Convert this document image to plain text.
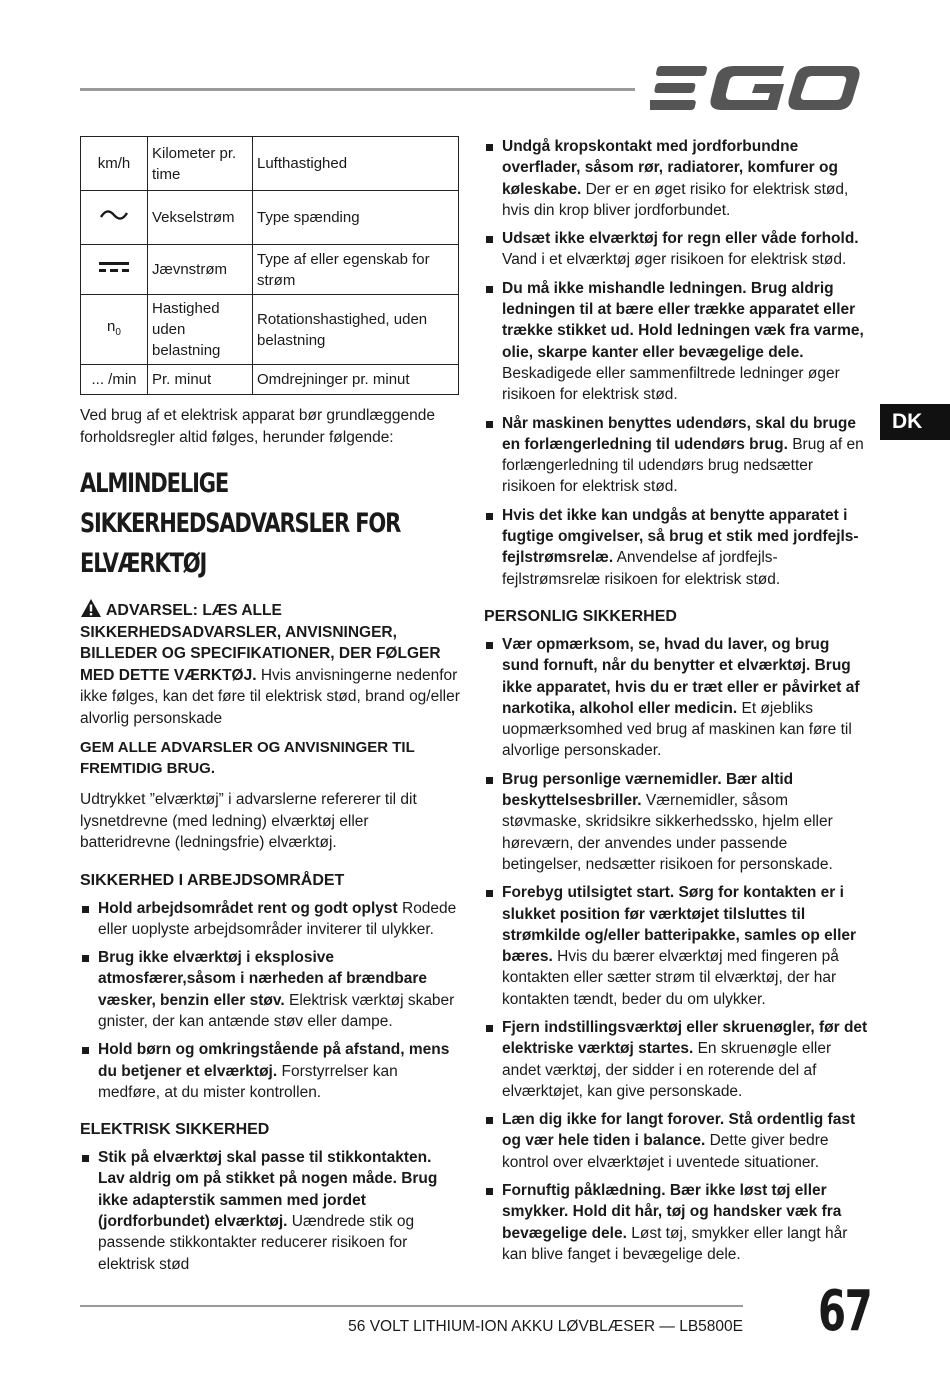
km/h	Kilometer pr. time	Lufthastighed
	Vekselstrøm	Type spænding
	Jævnstrøm	Type af eller egenskab for strøm
$n_0$	Hastighed uden belastning	Rotationshastighed, uden belastning
... /min	Pr. minut	Omdrejninger pr. minut

Ved brug af et elektrisk apparat bør grundlæggende forholdsregler altid følges, herunder følgende:

ALMINDELIGE SIKKERHEDSADVARSLER FOR ELVÆRKTØJ
ADVARSEL: LÆS ALLE SIKKERHEDSADVARSLER, ANVISNINGER, BILLEDER OG SPECIFIKATIONER, DER FØLGER MED DETTE VÆRKTØJ. Hvis anvisningerne nedenfor ikke følges, kan det føre til elektrisk stød, brand og/eller alvorlig personskade

GEM ALLE ADVARSLER OG ANVISNINGER TIL FREMTIDIG BRUG.

Udtrykket ”elværktøj” i advarslerne refererer til dit lysnetdrevne (med ledning) elværktøj eller batteridrevne (ledningsfrie) elværktøj.

SIKKERHED I ARBEJDSOMRÅDET
Hold arbejdsområdet rent og godt oplyst Rodede eller uoplyste arbejdsområder inviterer til ulykker.
Brug ikke elværktøj i eksplosive atmosfærer,såsom i nærheden af brændbare væsker, benzin eller støv. Elektrisk værktøj skaber gnister, der kan antænde støv eller dampe.
Hold børn og omkringstående på afstand, mens du betjener et elværktøj. Forstyrrelser kan medføre, at du mister kontrollen.
ELEKTRISK SIKKERHED
Stik på elværktøj skal passe til stikkontakten. Lav aldrig om på stikket på nogen måde. Brug ikke adapterstik sammen med jordet (jordforbundet) elværktøj. Uændrede stik og passende stikkontakter reducerer risikoen for elektrisk stød
Undgå kropskontakt med jordforbundne overflader, såsom rør, radiatorer, komfurer og køleskabe. Der er en øget risiko for elektrisk stød, hvis din krop bliver jordforbundet.
Udsæt ikke elværktøj for regn eller våde forhold. Vand i et elværktøj øger risikoen for elektrisk stød.
Du må ikke mishandle ledningen. Brug aldrig ledningen til at bære eller trække apparatet eller trække stikket ud. Hold ledningen væk fra varme, olie, skarpe kanter eller bevægelige dele. Beskadigede eller sammenfiltrede ledninger øger risikoen for elektrisk stød.
Når maskinen benyttes udendørs, skal du bruge en forlængerledning til udendørs brug. Brug af en forlængerledning til udendørs brug nedsætter risikoen for elektrisk stød.
Hvis det ikke kan undgås at benytte apparatet i fugtige omgivelser, så brug et stik med jordfejls-fejlstrømsrelæ. Anvendelse af jordfejls-fejlstrømsrelæ risikoen for elektrisk stød.
PERSONLIG SIKKERHED
Vær opmærksom, se, hvad du laver, og brug sund fornuft, når du benytter et elværktøj. Brug ikke apparatet, hvis du er træt eller er påvirket af narkotika, alkohol eller medicin. Et øjebliks uopmærksomhed ved brug af maskinen kan føre til alvorlige personskader.
Brug personlige værnemidler. Bær altid beskyttelsesbriller. Værnemidler, såsom støvmaske, skridsikre sikkerhedssko, hjelm eller høreværn, der anvendes under passende betingelser, nedsætter risikoen for personskade.
Forebyg utilsigtet start. Sørg for kontakten er i slukket position før værktøjet tilsluttes til strømkilde og/eller batteripakke, samles op eller bæres. Hvis du bærer elværktøj med fingeren på kontakten eller sætter strøm til elværktøj, der har kontakten tændt, beder du om ulykker.
Fjern indstillingsværktøj eller skruenøgler, før det elektriske værktøj startes. En skruenøgle eller andet værktøj, der sidder i en roterende del af elværktøjet, kan give personskade.
Læn dig ikke for langt forover. Stå ordentlig fast og vær hele tiden i balance. Dette giver bedre kontrol over elværktøjet i uventede situationer.
Fornuftig påklædning. Bær ikke løst tøj eller smykker. Hold dit hår, tøj og handsker væk fra bevægelige dele. Løst tøj, smykker eller langt hår kan blive fanget i bevægelige dele.
DK
56 VOLT LITHIUM-ION AKKU LØVBLÆSER — LB5800E 67
